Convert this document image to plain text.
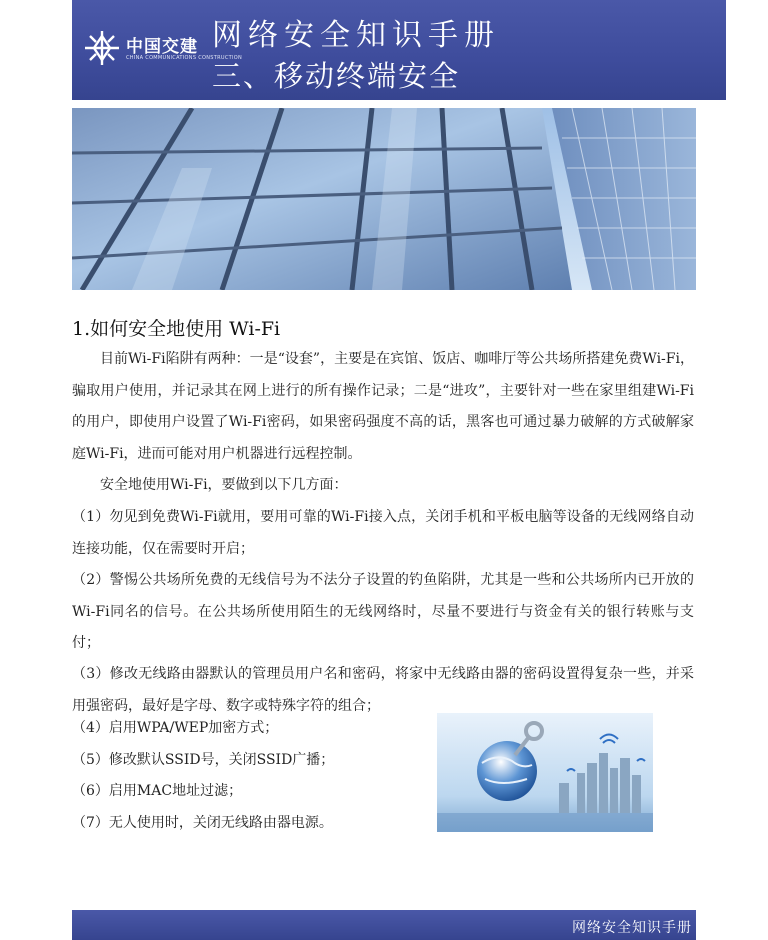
中国交建
CHINA COMMUNICATIONS CONSTRUCTION
网络安全知识手册
三、移动终端安全
1.如何安全地使用 Wi-Fi

目前Wi-Fi陷阱有两种：一是“设套”，主要是在宾馆、饭店、咖啡厅等公共场所搭建免费Wi-Fi，骗取用户使用，并记录其在网上进行的所有操作记录；二是“进攻”，主要针对一些在家里组建Wi-Fi的用户，即使用户设置了Wi-Fi密码，如果密码强度不高的话，黑客也可通过暴力破解的方式破解家庭Wi-Fi，进而可能对用户机器进行远程控制。

安全地使用Wi-Fi，要做到以下几方面：

（1）勿见到免费Wi-Fi就用，要用可靠的Wi-Fi接入点，关闭手机和平板电脑等设备的无线网络自动连接功能，仅在需要时开启；

（2）警惕公共场所免费的无线信号为不法分子设置的钓鱼陷阱，尤其是一些和公共场所内已开放的Wi-Fi同名的信号。在公共场所使用陌生的无线网络时，尽量不要进行与资金有关的银行转账与支付；

（3）修改无线路由器默认的管理员用户名和密码，将家中无线路由器的密码设置得复杂一些，并采用强密码，最好是字母、数字或特殊字符的组合；

（4）启用WPA/WEP加密方式；

（5）修改默认SSID号，关闭SSID广播；

（6）启用MAC地址过滤；

（7）无人使用时，关闭无线路由器电源。

网络安全知识手册
